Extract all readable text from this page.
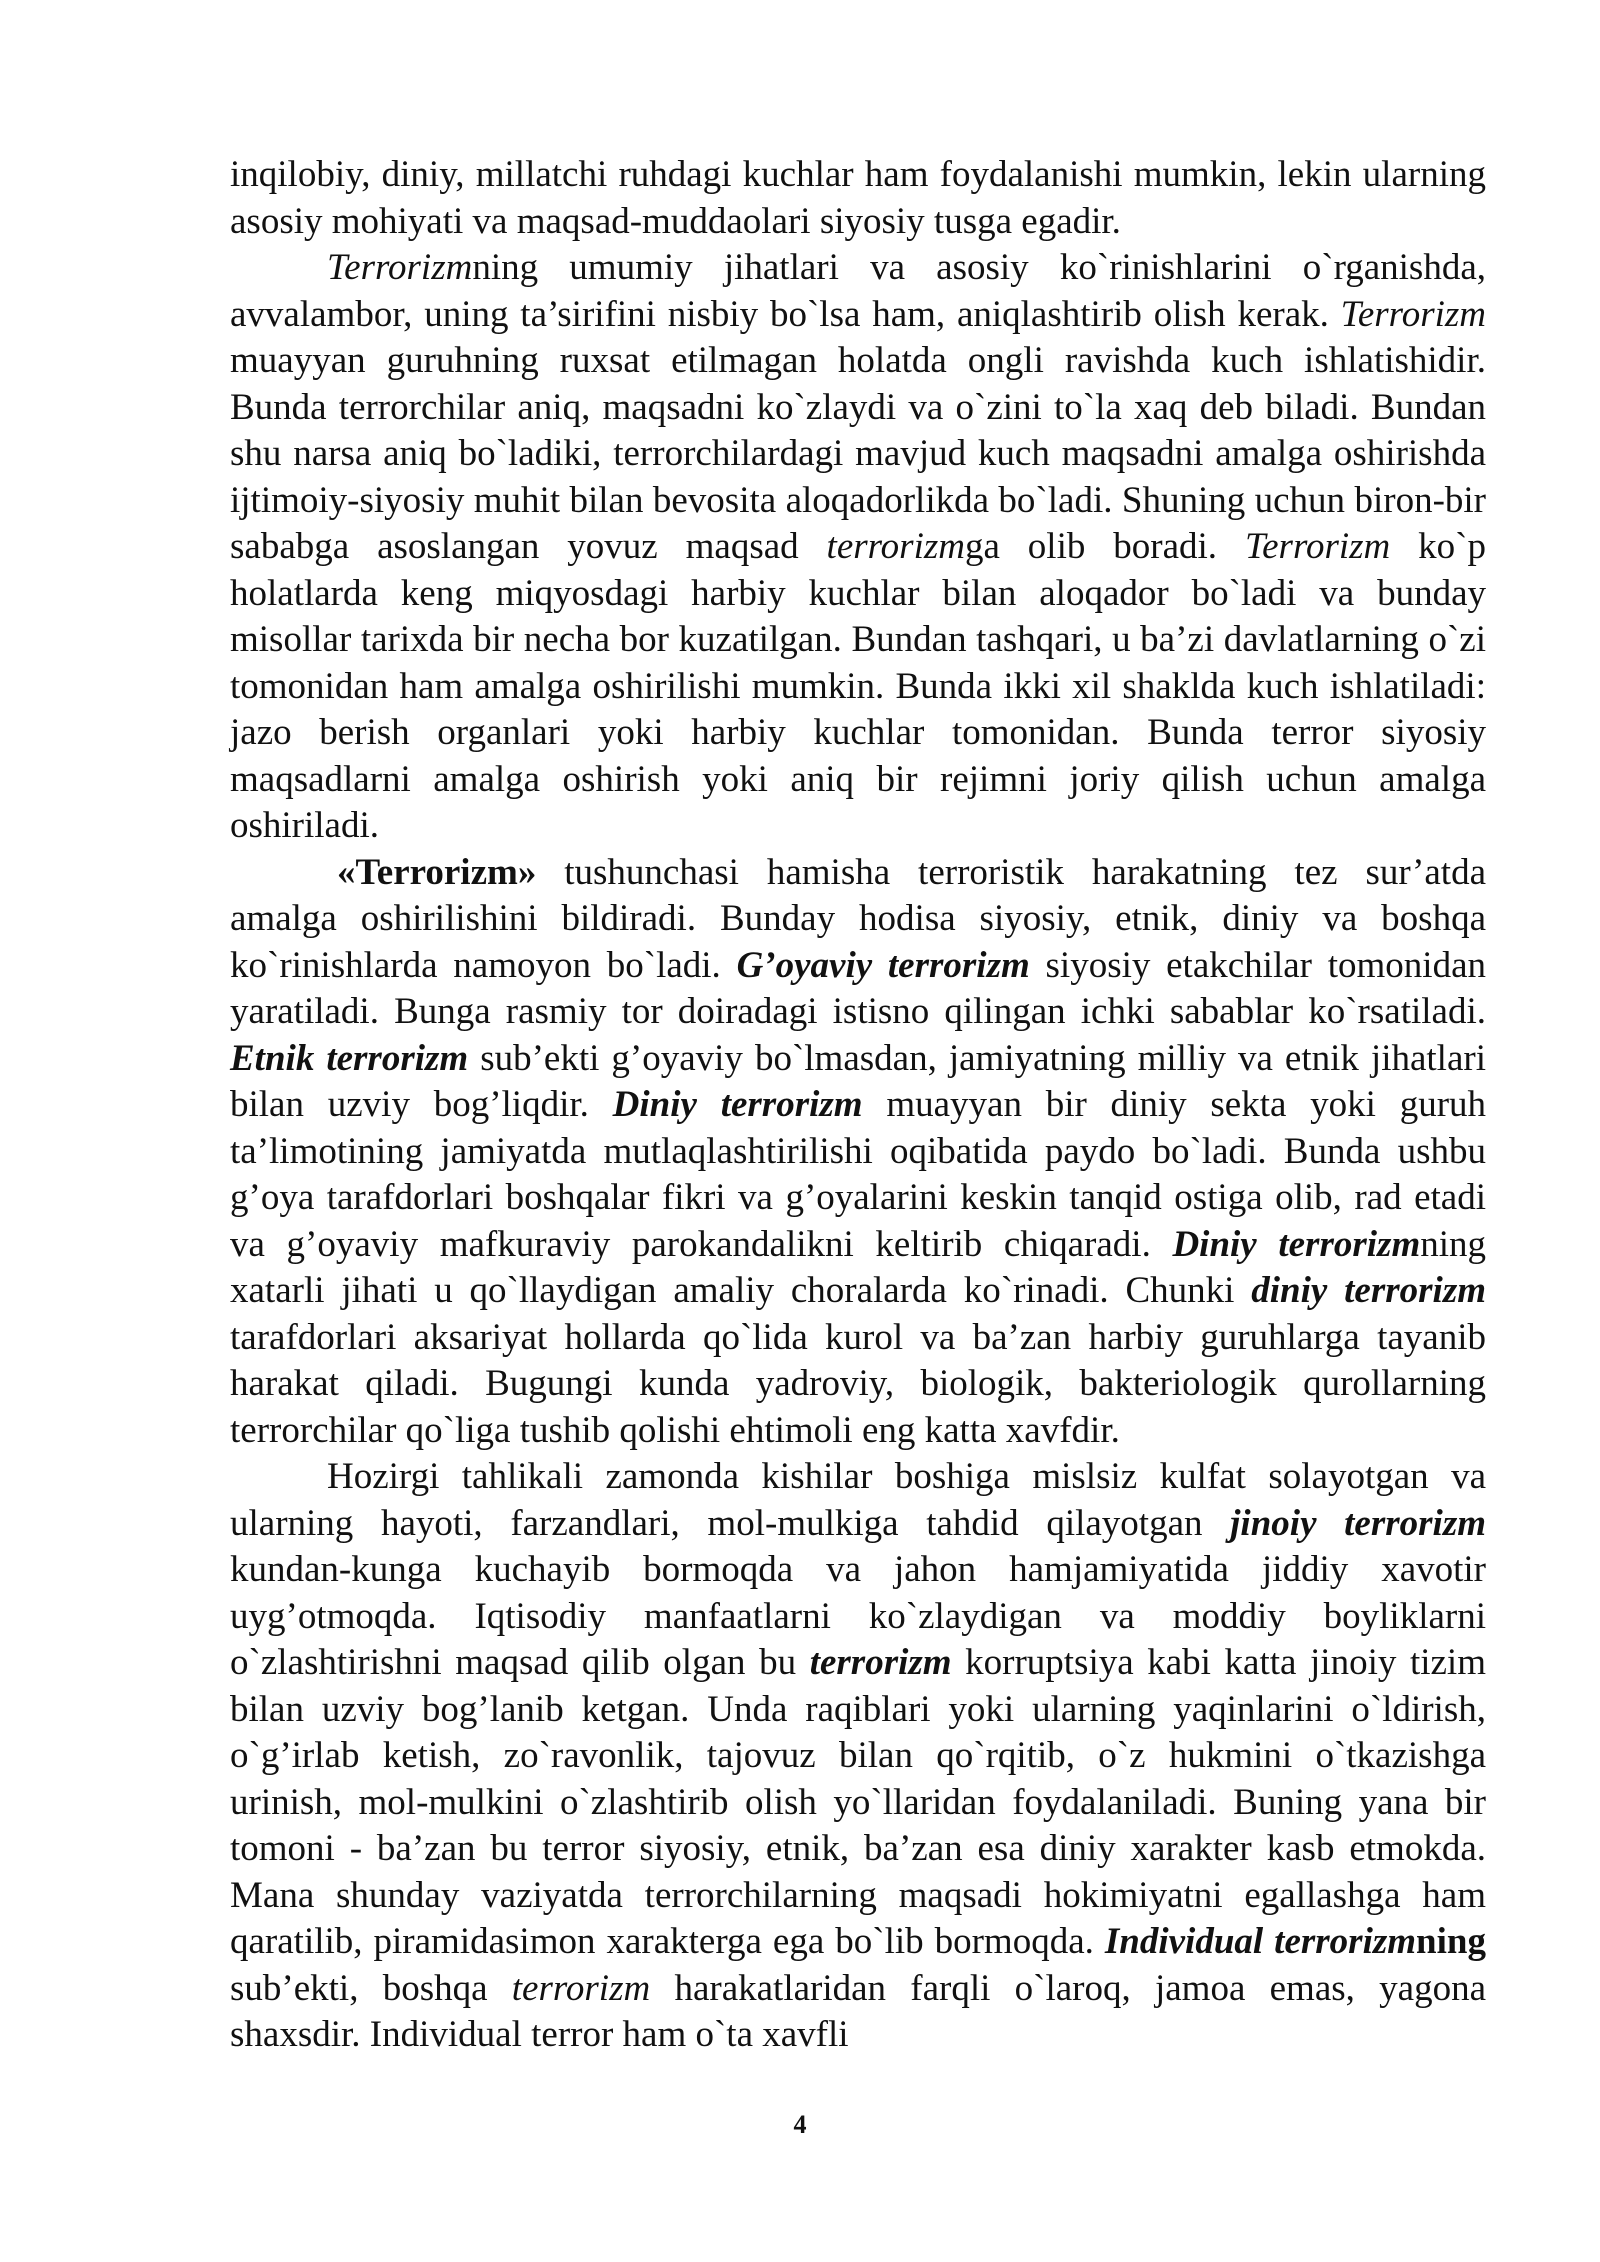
inqilobiy, diniy, millatchi ruhdagi kuchlar ham foydalanishi mumkin, lekin ularning asosiy mohiyati va maqsad-muddaolari siyosiy tusga egadir.

Terrorizmning umumiy jihatlari va asosiy ko`rinishlarini o`rganishda, avvalambor, uning ta’sirifini nisbiy bo`lsa ham, aniqlashtirib olish kerak. Terrorizm muayyan guruhning ruxsat etilmagan holatda ongli ravishda kuch ishlatishidir. Bunda terrorchilar aniq, maqsadni ko`zlaydi va o`zini to`la xaq deb biladi. Bundan shu narsa aniq bo`ladiki, terrorchilardagi mavjud kuch maqsadni amalga oshirishda ijtimoiy-siyosiy muhit bilan bevosita aloqadorlikda bo`ladi. Shuning uchun biron-bir sababga asoslangan yovuz maqsad terrorizmga olib boradi. Terrorizm ko`p holatlarda keng miqyosdagi harbiy kuchlar bilan aloqador bo`ladi va bunday misollar tarixda bir necha bor kuzatilgan. Bundan tashqari, u ba’zi davlatlarning o`zi tomonidan ham amalga oshirilishi mumkin. Bunda ikki xil shaklda kuch ishlatiladi: jazo berish organlari yoki harbiy kuchlar tomonidan. Bunda terror siyosiy maqsadlarni amalga oshirish yoki aniq bir rejimni joriy qilish uchun amalga oshiriladi.

«Terrorizm» tushunchasi hamisha terroristik harakatning tez sur’atda amalga oshirilishini bildiradi. Bunday hodisa siyosiy, etnik, diniy va boshqa ko`rinishlarda namoyon bo`ladi. G’oyaviy terrorizm siyosiy etakchilar tomonidan yaratiladi. Bunga rasmiy tor doiradagi istisno qilingan ichki sabablar ko`rsatiladi. Etnik terrorizm sub’ekti g’oyaviy bo`lmasdan, jamiyatning milliy va etnik jihatlari bilan uzviy bog’liqdir. Diniy terrorizm muayyan bir diniy sekta yoki guruh ta’limotining jamiyatda mutlaqlashtirilishi oqibatida paydo bo`ladi. Bunda ushbu g’oya tarafdorlari boshqalar fikri va g’oyalarini keskin tanqid ostiga olib, rad etadi va g’oyaviy mafkuraviy parokandalikni keltirib chiqaradi. Diniy terrorizmning xatarli jihati u qo`llaydigan amaliy choralarda ko`rinadi. Chunki diniy terrorizm tarafdorlari aksariyat hollarda qo`lida kurol va ba’zan harbiy guruhlarga tayanib harakat qiladi. Bugungi kunda yadroviy, biologik, bakteriologik qurollarning terrorchilar qo`liga tushib qolishi ehtimoli eng katta xavfdir.

Hozirgi tahlikali zamonda kishilar boshiga mislsiz kulfat solayotgan va ularning hayoti, farzandlari, mol-mulkiga tahdid qilayotgan jinoiy terrorizm kundan-kunga kuchayib bormoqda va jahon hamjamiyatida jiddiy xavotir uyg’otmoqda. Iqtisodiy manfaatlarni ko`zlaydigan va moddiy boyliklarni o`zlashtirishni maqsad qilib olgan bu terrorizm korruptsiya kabi katta jinoiy tizim bilan uzviy bog’lanib ketgan. Unda raqiblari yoki ularning yaqinlarini o`ldirish, o`g’irlab ketish, zo`ravonlik, tajovuz bilan qo`rqitib, o`z hukmini o`tkazishga urinish, mol-mulkini o`zlashtirib olish yo`llaridan foydalaniladi. Buning yana bir tomoni - ba’zan bu terror siyosiy, etnik, ba’zan esa diniy xarakter kasb etmokda. Mana shunday vaziyatda terrorchilarning maqsadi hokimiyatni egallashga ham qaratilib, piramidasimon xarakterga ega bo`lib bormoqda. Individual terrorizmning sub’ekti, boshqa terrorizm harakatlaridan farqli o`laroq, jamoa emas, yagona shaxsdir. Individual terror ham o`ta xavfli

4
